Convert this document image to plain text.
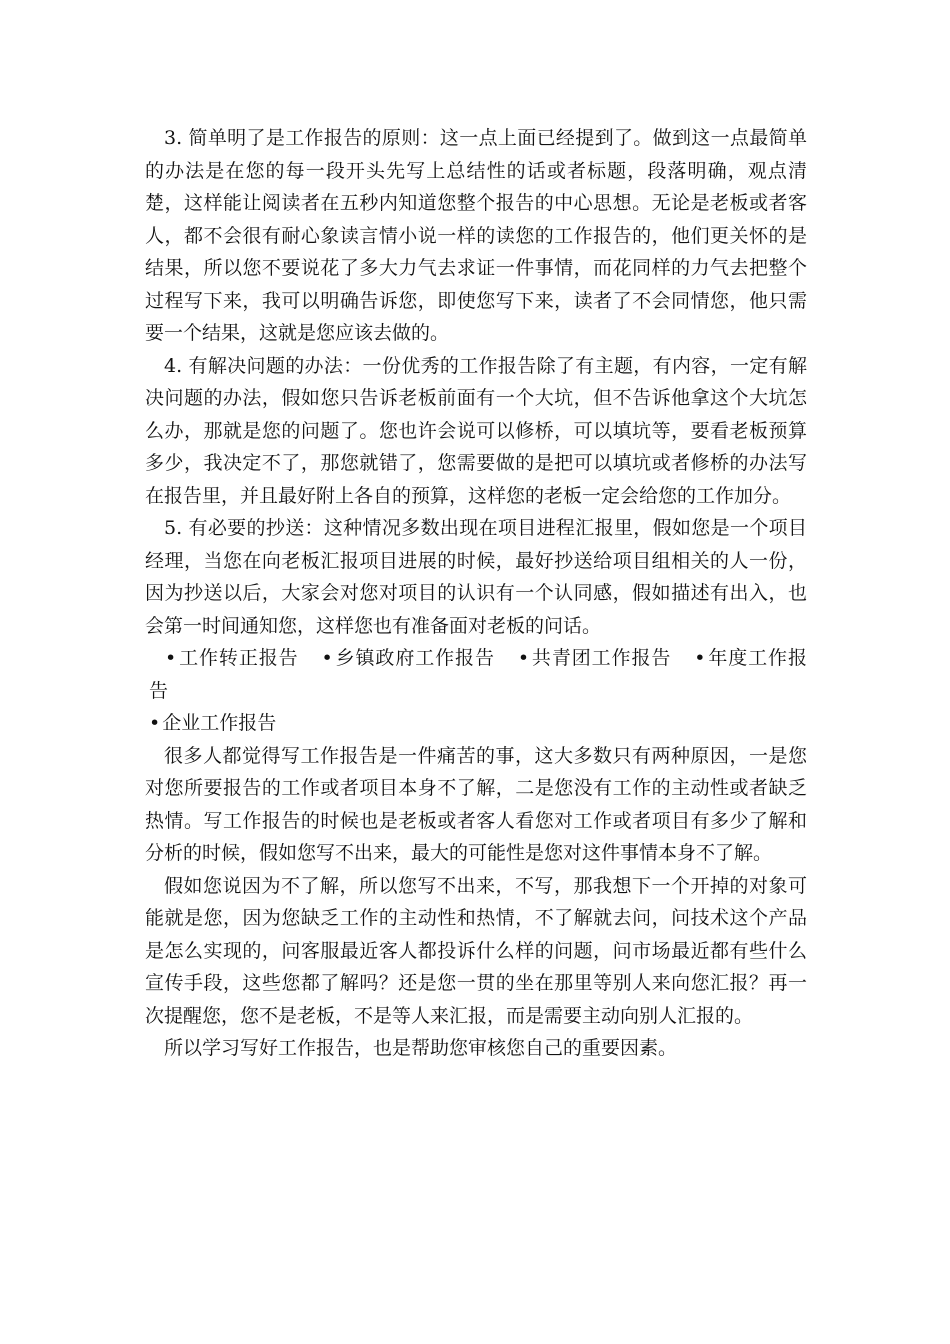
3. 简单明了是工作报告的原则：这一点上面已经提到了。做到这一点最简单的办法是在您的每一段开头先写上总结性的话或者标题，段落明确，观点清楚，这样能让阅读者在五秒内知道您整个报告的中心思想。无论是老板或者客人，都不会很有耐心象读言情小说一样的读您的工作报告的，他们更关怀的是结果，所以您不要说花了多大力气去求证一件事情，而花同样的力气去把整个过程写下来，我可以明确告诉您，即使您写下来，读者了不会同情您，他只需要一个结果，这就是您应该去做的。

4. 有解决问题的办法：一份优秀的工作报告除了有主题，有内容，一定有解决问题的办法，假如您只告诉老板前面有一个大坑，但不告诉他拿这个大坑怎么办，那就是您的问题了。您也许会说可以修桥，可以填坑等，要看老板预算多少，我决定不了，那您就错了，您需要做的是把可以填坑或者修桥的办法写在报告里，并且最好附上各自的预算，这样您的老板一定会给您的工作加分。

5. 有必要的抄送：这种情况多数出现在项目进程汇报里，假如您是一个项目经理，当您在向老板汇报项目进展的时候，最好抄送给项目组相关的人一份，因为抄送以后，大家会对您对项目的认识有一个认同感，假如描述有出入，也会第一时间通知您，这样您也有准备面对老板的问话。

• 工作转正报告 • 乡镇政府工作报告 • 共青团工作报告 • 年度工作报告
• 企业工作报告

很多人都觉得写工作报告是一件痛苦的事，这大多数只有两种原因，一是您对您所要报告的工作或者项目本身不了解，二是您没有工作的主动性或者缺乏热情。写工作报告的时候也是老板或者客人看您对工作或者项目有多少了解和分析的时候，假如您写不出来，最大的可能性是您对这件事情本身不了解。

假如您说因为不了解，所以您写不出来，不写，那我想下一个开掉的对象可能就是您，因为您缺乏工作的主动性和热情，不了解就去问，问技术这个产品是怎么实现的，问客服最近客人都投诉什么样的问题，问市场最近都有些什么宣传手段，这些您都了解吗？还是您一贯的坐在那里等别人来向您汇报？再一次提醒您，您不是老板，不是等人来汇报，而是需要主动向别人汇报的。

所以学习写好工作报告，也是帮助您审核您自己的重要因素。
